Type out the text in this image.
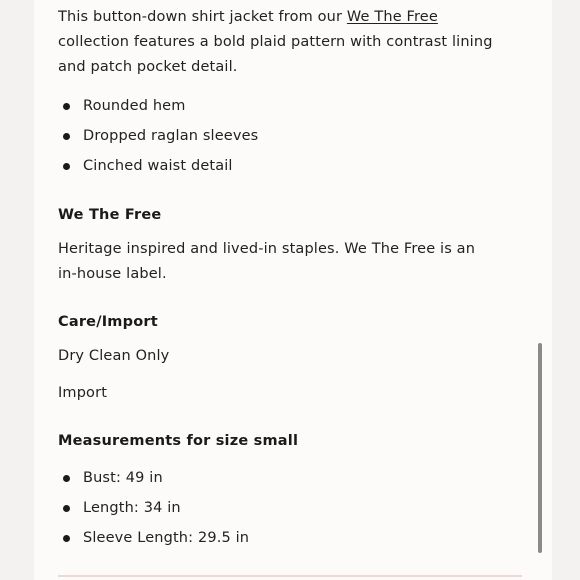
This button-down shirt jacket from our We The Free collection features a bold plaid pattern with contrast lining and patch pocket detail.

Rounded hem
Dropped raglan sleeves
Cinched waist detail
We The Free

Heritage inspired and lived-in staples. We The Free is an in-house label.

Care/Import

Dry Clean Only

Import

Measurements for size small
Bust: 49 in
Length: 34 in
Sleeve Length: 29.5 in
